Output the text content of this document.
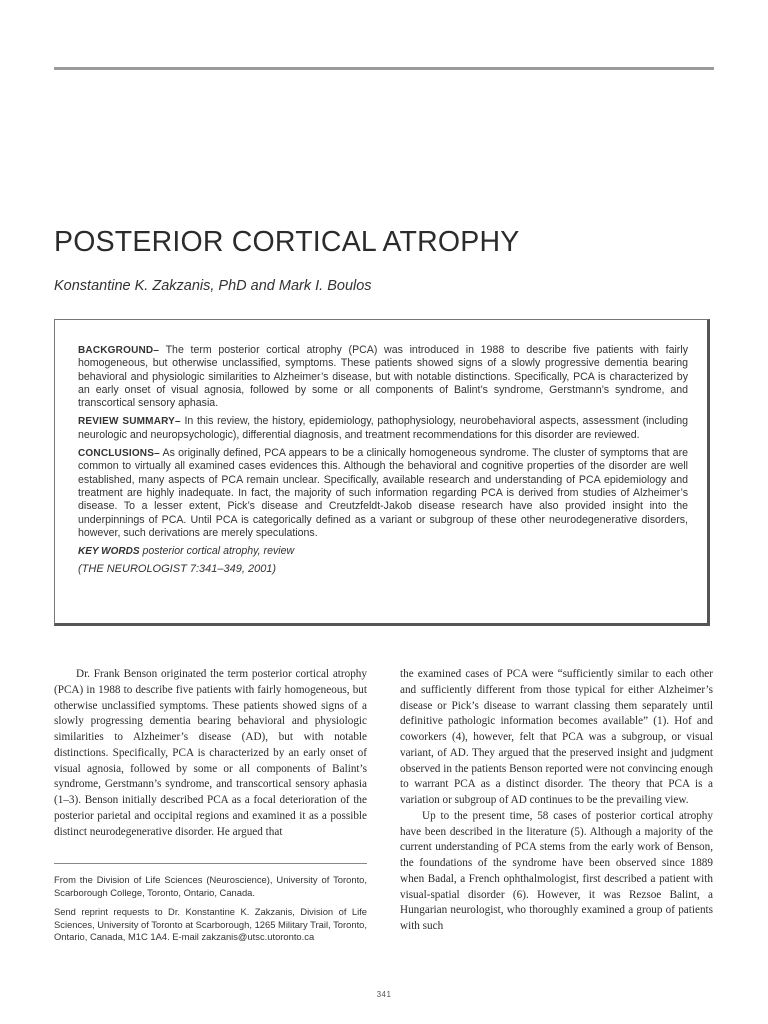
POSTERIOR CORTICAL ATROPHY

Konstantine K. Zakzanis, PhD and Mark I. Boulos

BACKGROUND– The term posterior cortical atrophy (PCA) was introduced in 1988 to describe five patients with fairly homogeneous, but otherwise unclassified, symptoms. These patients showed signs of a slowly progressive dementia bearing behavioral and physiologic similarities to Alzheimer’s disease, but with notable distinctions. Specifically, PCA is characterized by an early onset of visual agnosia, followed by some or all components of Balint’s syndrome, Gerstmann’s syndrome, and transcortical sensory aphasia.

REVIEW SUMMARY– In this review, the history, epidemiology, pathophysiology, neurobehavioral aspects, assessment (including neurologic and neuropsychologic), differential diagnosis, and treatment recommendations for this disorder are reviewed.

CONCLUSIONS– As originally defined, PCA appears to be a clinically homogeneous syndrome. The cluster of symptoms that are common to virtually all examined cases evidences this. Although the behavioral and cognitive properties of the disorder are well established, many aspects of PCA remain unclear. Specifically, available research and understanding of PCA epidemiology and treatment are highly inadequate. In fact, the majority of such information regarding PCA is derived from studies of Alzheimer’s disease. To a lesser extent, Pick’s disease and Creutzfeldt-Jakob disease research have also provided insight into the underpinnings of PCA. Until PCA is categorically defined as a variant or subgroup of these other neurodegenerative disorders, however, such derivations are merely speculations.

KEY WORDS posterior cortical atrophy, review

(THE NEUROLOGIST 7:341–349, 2001)

Dr. Frank Benson originated the term posterior cortical atrophy (PCA) in 1988 to describe five patients with fairly homogeneous, but otherwise unclassified symptoms. These patients showed signs of a slowly progressing dementia bearing behavioral and physiologic similarities to Alzheimer’s disease (AD), but with notable distinctions. Specifically, PCA is characterized by an early onset of visual agnosia, followed by some or all components of Balint’s syndrome, Gerstmann’s syndrome, and transcortical sensory aphasia (1–3). Benson initially described PCA as a focal deterioration of the posterior parietal and occipital regions and examined it as a possible distinct neurodegenerative disorder. He argued that

From the Division of Life Sciences (Neuroscience), University of Toronto, Scarborough College, Toronto, Ontario, Canada.

Send reprint requests to Dr. Konstantine K. Zakzanis, Division of Life Sciences, University of Toronto at Scarborough, 1265 Military Trail, Toronto, Ontario, Canada, M1C 1A4. E-mail zakzanis@utsc.utoronto.ca

the examined cases of PCA were “sufficiently similar to each other and sufficiently different from those typical for either Alzheimer’s disease or Pick’s disease to warrant classing them separately until definitive pathologic information becomes available” (1). Hof and coworkers (4), however, felt that PCA was a subgroup, or visual variant, of AD. They argued that the preserved insight and judgment observed in the patients Benson reported were not convincing enough to warrant PCA as a distinct disorder. The theory that PCA is a variation or subgroup of AD continues to be the prevailing view.

Up to the present time, 58 cases of posterior cortical atrophy have been described in the literature (5). Although a majority of the current understanding of PCA stems from the early work of Benson, the foundations of the syndrome have been observed since 1889 when Badal, a French ophthalmologist, first described a patient with visual-spatial disorder (6). However, it was Rezsoe Balint, a Hungarian neurologist, who thoroughly examined a group of patients with such

341
